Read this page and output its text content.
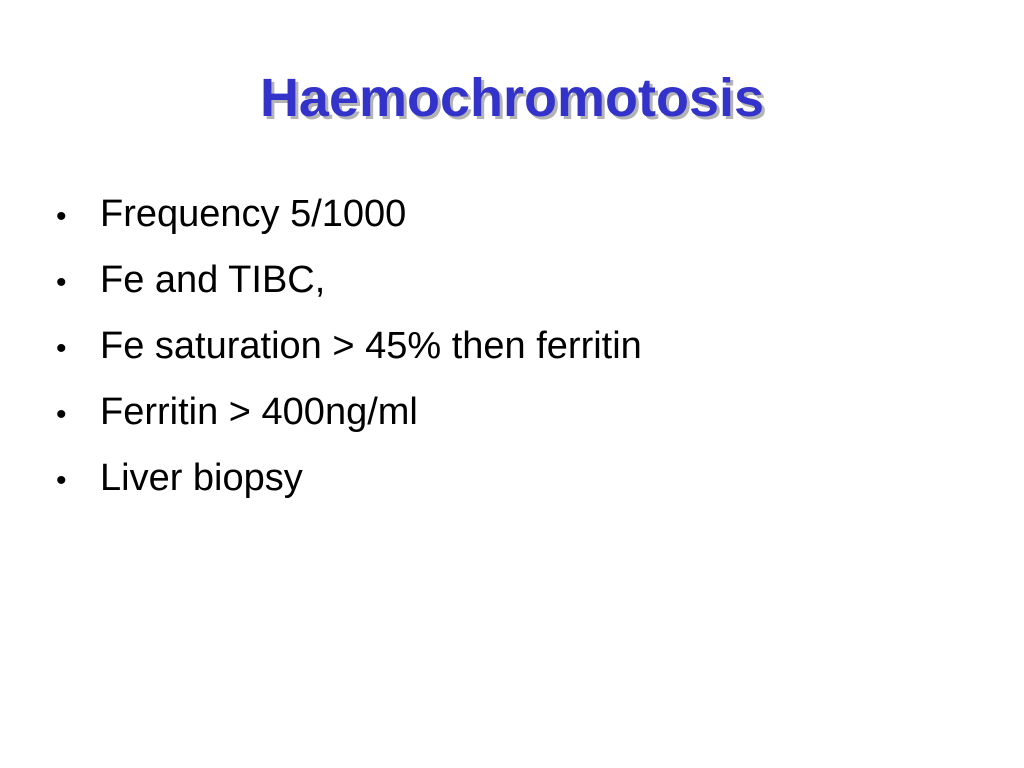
Haemochromotosis
• Frequency 5/1000
• Fe and TIBC,
• Fe saturation > 45% then ferritin
• Ferritin > 400ng/ml
• Liver biopsy
